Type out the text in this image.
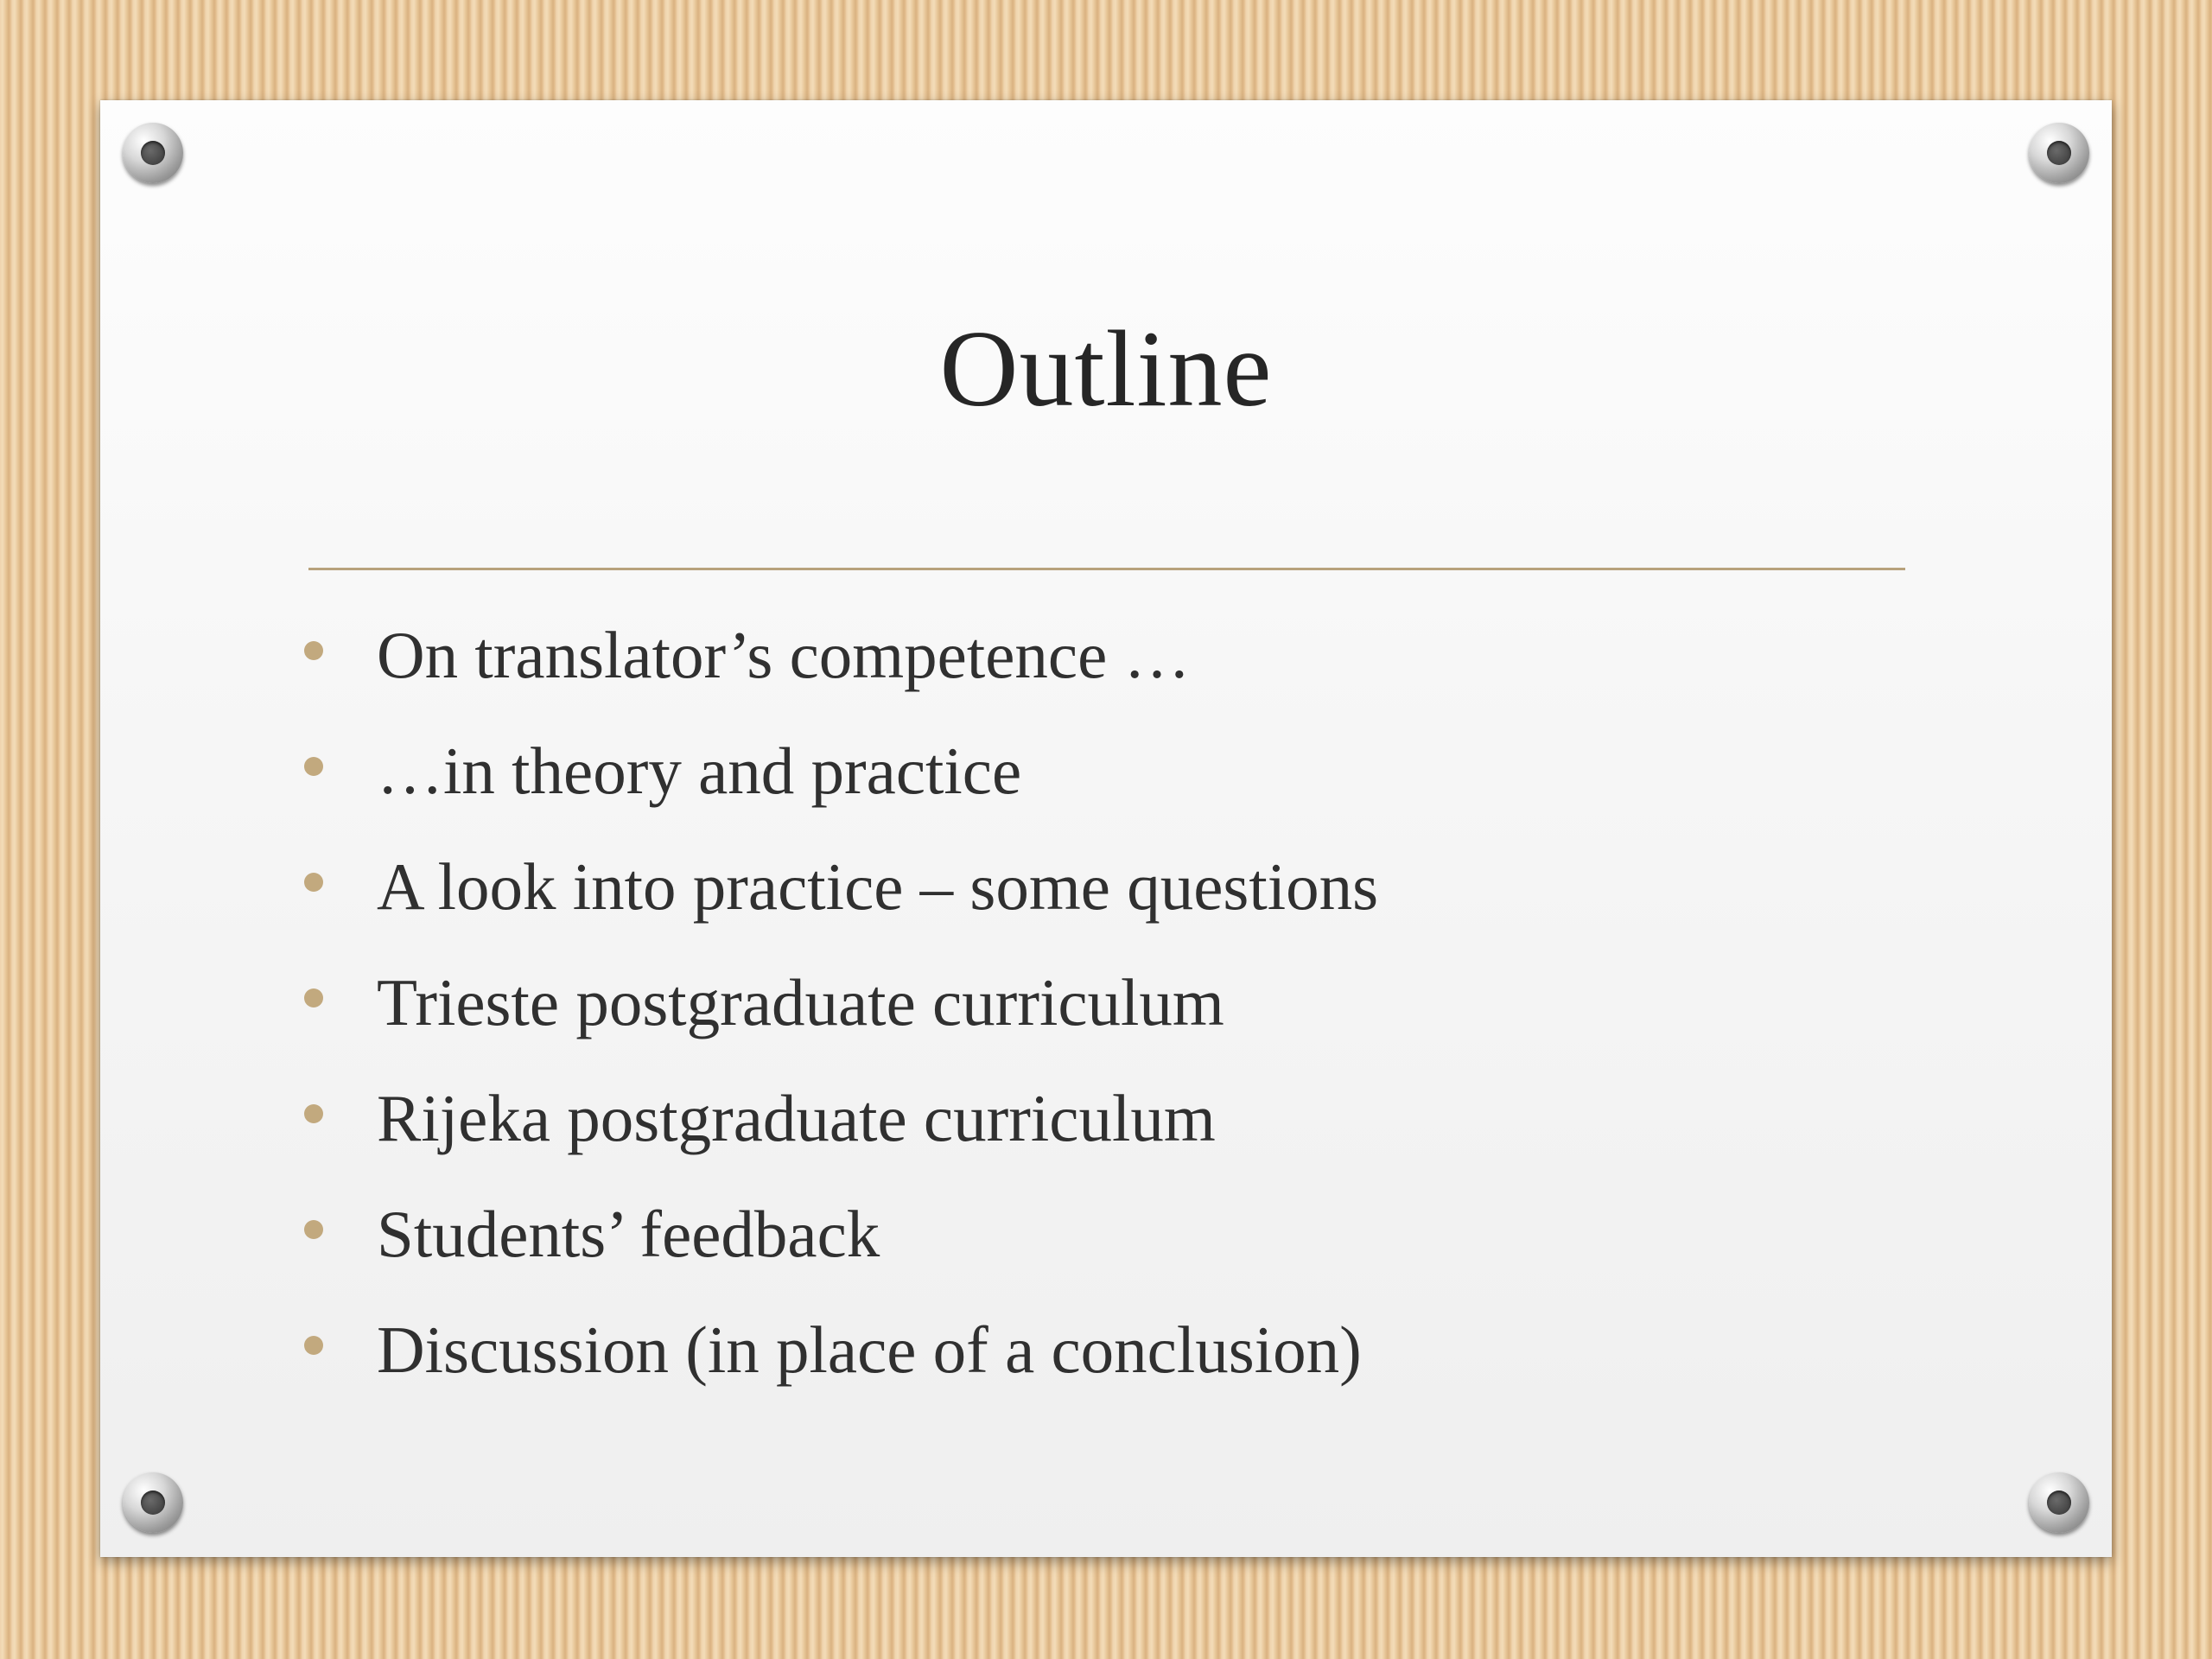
Outline
On translator’s competence …
…in theory and practice
A look into practice – some questions
Trieste postgraduate curriculum
Rijeka postgraduate curriculum
Students’ feedback
Discussion (in place of a conclusion)
